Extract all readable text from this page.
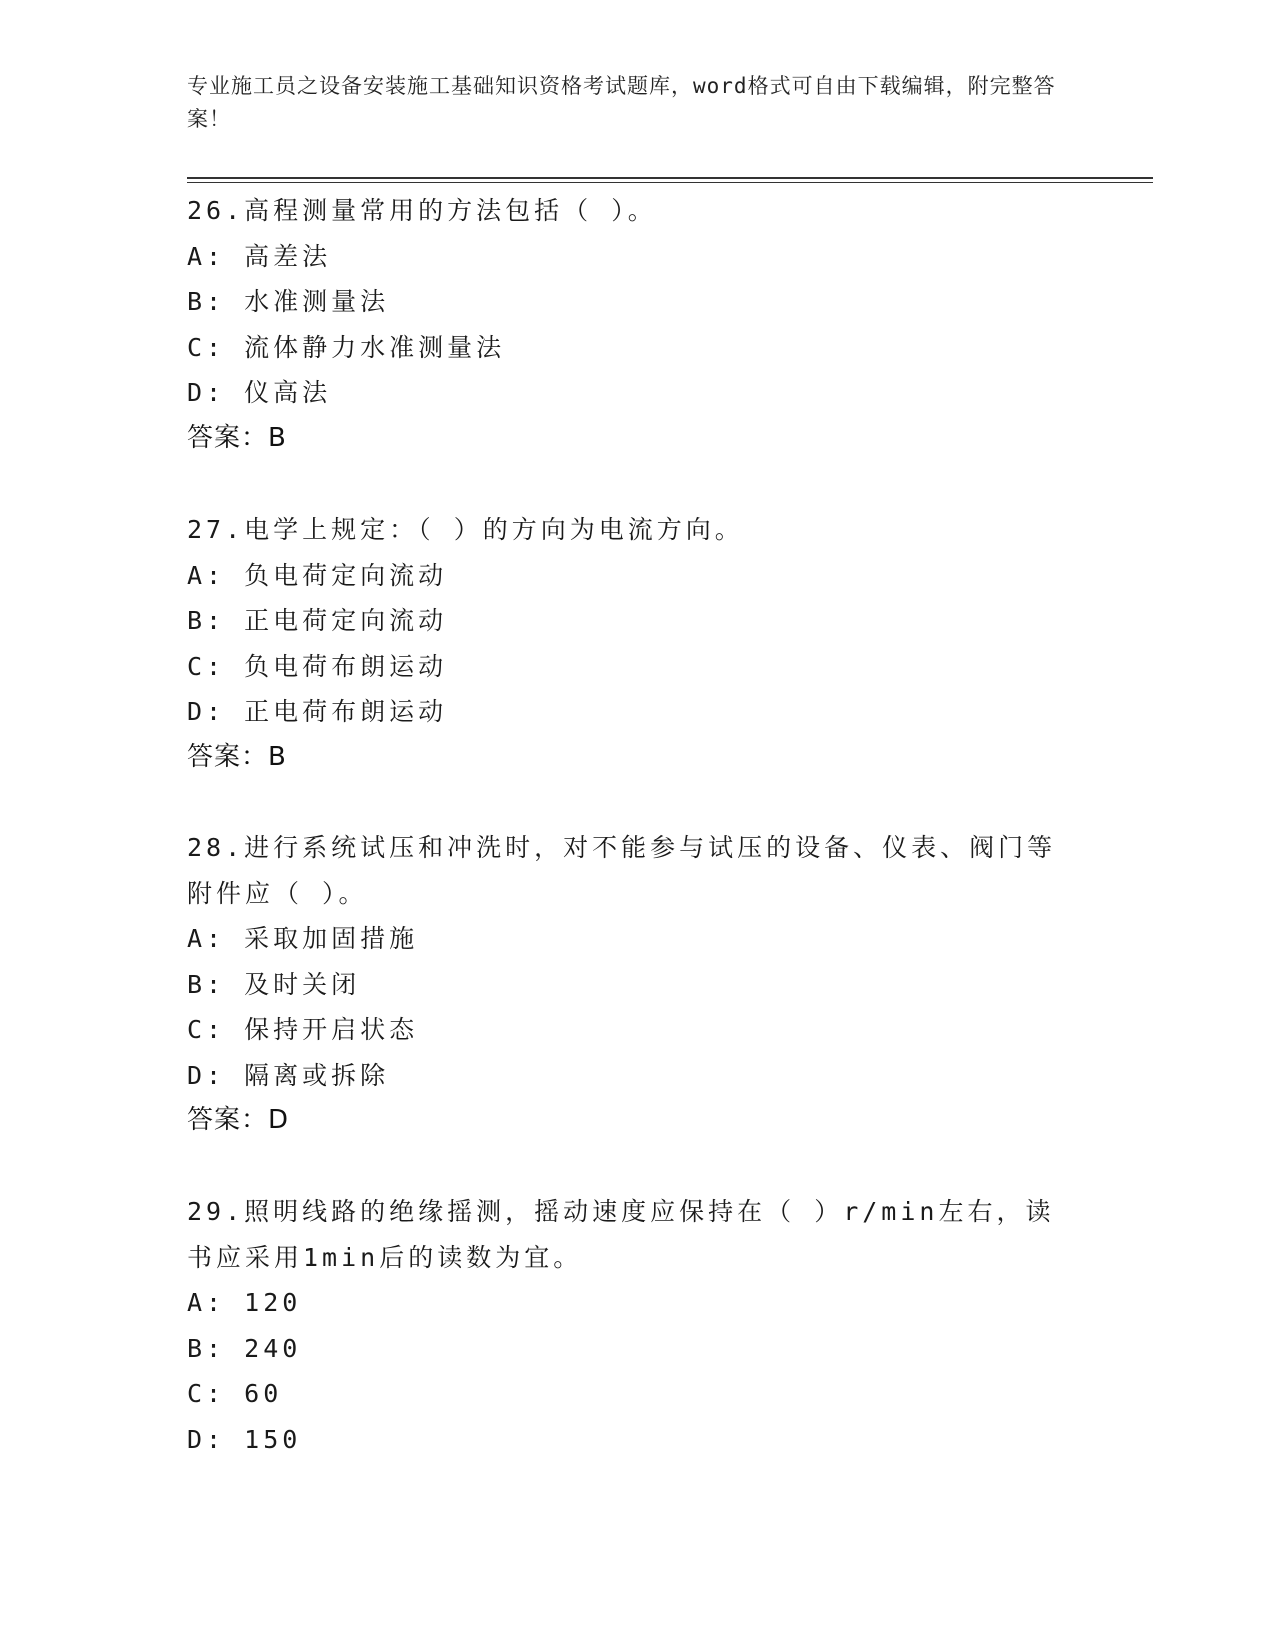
专业施工员之设备安装施工基础知识资格考试题库，word格式可自由下载编辑，附完整答案！
26.高程测量常用的方法包括（ ）。
A: 高差法
B: 水准测量法
C: 流体静力水准测量法
D: 仪高法
答案：B
27.电学上规定：（ ）的方向为电流方向。
A: 负电荷定向流动
B: 正电荷定向流动
C: 负电荷布朗运动
D: 正电荷布朗运动
答案：B
28.进行系统试压和冲洗时，对不能参与试压的设备、仪表、阀门等附件应（ ）。
A: 采取加固措施
B: 及时关闭
C: 保持开启状态
D: 隔离或拆除
答案：D
29.照明线路的绝缘摇测，摇动速度应保持在（ ）r/min左右，读书应采用1min后的读数为宜。
A: 120
B: 240
C: 60
D: 150
